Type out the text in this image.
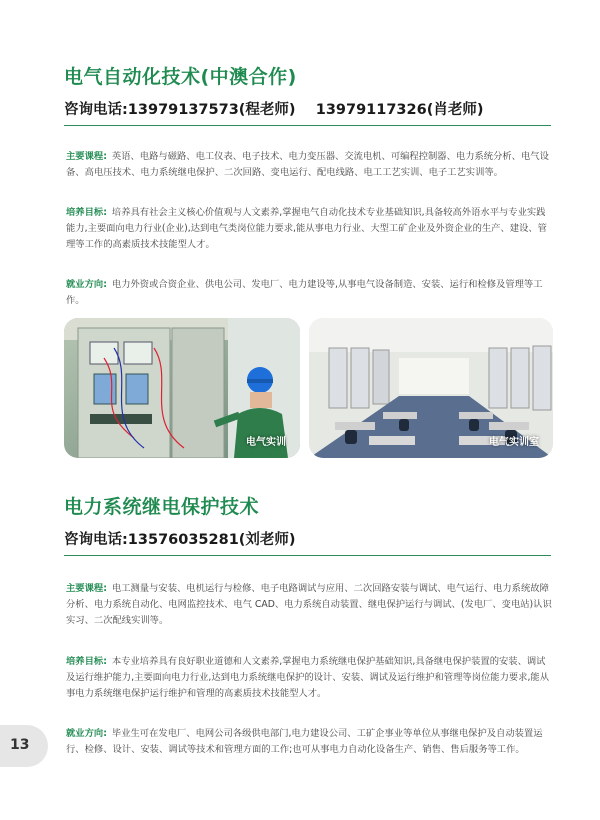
电气自动化技术(中澳合作)
咨询电话:13979137573(程老师)    13979117326(肖老师)
主要课程: 英语、电路与磁路、电工仪表、电子技术、电力变压器、交流电机、可编程控制器、电力系统分析、电气设备、高电压技术、电力系统继电保护、二次回路、变电运行、配电线路、电工工艺实训、电子工艺实训等。
培养目标: 培养具有社会主义核心价值观与人文素养,掌握电气自动化技术专业基础知识,具备较高外语水平与专业实践能力,主要面向电力行业(企业),达到电气类岗位能力要求,能从事电力行业、大型工矿企业及外资企业的生产、建设、管理等工作的高素质技术技能型人才。
就业方向: 电力外资或合资企业、供电公司、发电厂、电力建设等,从事电气设备制造、安装、运行和检修及管理等工作。
电气实训	电气实训室
电力系统继电保护技术
咨询电话:13576035281(刘老师)
主要课程: 电工测量与安装、电机运行与检修、电子电路调试与应用、二次回路安装与调试、电气运行、电力系统故障分析、电力系统自动化、电网监控技术、电气 CAD、电力系统自动装置、继电保护运行与调试、(发电厂、变电站)认识实习、二次配线实训等。
培养目标: 本专业培养具有良好职业道德和人文素养,掌握电力系统继电保护基础知识,具备继电保护装置的安装、调试及运行维护能力,主要面向电力行业,达到电力系统继电保护的设计、安装、调试及运行维护和管理等岗位能力要求,能从事电力系统继电保护运行维护和管理的高素质技术技能型人才。
就业方向: 毕业生可在发电厂、电网公司各级供电部门,电力建设公司、工矿企事业等单位从事继电保护及自动装置运行、检修、设计、安装、调试等技术和管理方面的工作;也可从事电力自动化设备生产、销售、售后服务等工作。
13
